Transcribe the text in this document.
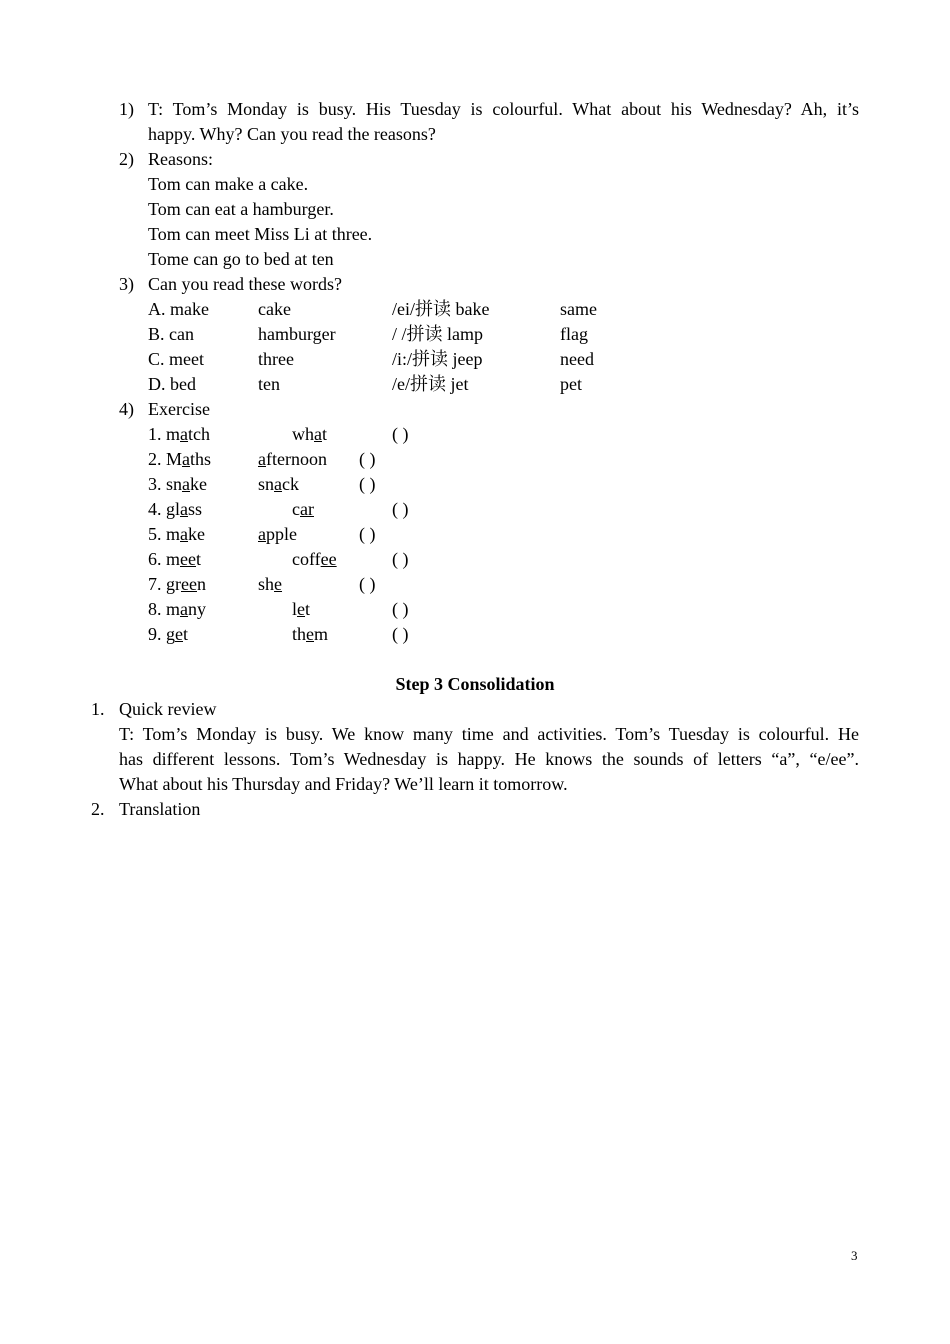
1) T: Tom’s Monday is busy. His Tuesday is colourful. What about his Wednesday? Ah, it’s
happy. Why? Can you read the reasons?
2) Reasons:
Tom can make a cake.
Tom can eat a hamburger.
Tom can meet Miss Li at three.
Tome can go to bed at ten
3) Can you read these words?
A. make	cake	/ei/拼读 bake	same
B. can	hamburger	/ /拼读 lamp	flag
C. meet	three	/i:/拼读 jeep	need
D. bed	ten	/e/拼读 jet	pet
4) Exercise
1. match	what	( )
2. Maths	afternoon ( )
3. snake	snack	( )
4. glass	car	( )
5. make	apple	( )
6. meet	coffee	( )
7. green	she	( )
8. many	let	( )
9. get	them	( )
Step 3 Consolidation
1. Quick review
T: Tom’s Monday is busy. We know many time and activities. Tom’s Tuesday is colourful. He
has different lessons. Tom’s Wednesday is happy. He knows the sounds of letters “a”, “e/ee”.
What about his Thursday and Friday? We’ll learn it tomorrow.
2. Translation
3
